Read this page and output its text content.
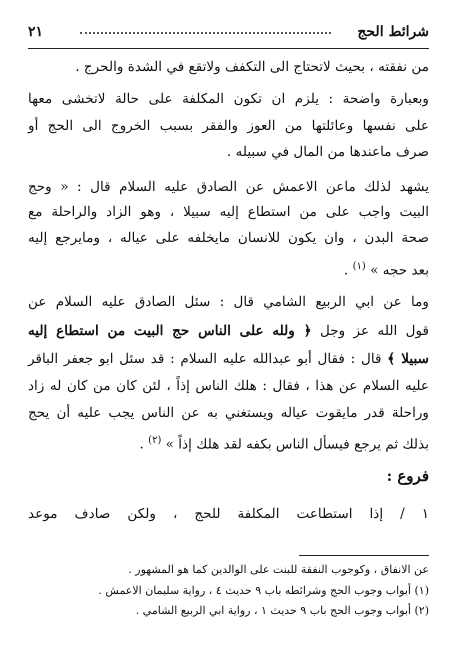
شرائط الحج
٢١
من نفقته ، بحيث لاتحتاج الى التكفف ولاتقع في الشدة والحرج .
وبعبارة واضحة : يلزم ان تكون المكلفة على حالة لاتخشى معها
على نفسها وعائلتها من العوز والفقر بسبب الخروج الى الحج أو
صرف ماعندها من المال في سبيله .
يشهد لذلك ماعن الاعمش عن الصادق عليه السلام قال : « وحج
البيت واجب على من استطاع إليه سبيلا ، وهو الزاد والراحلة مع
صحة البدن ، وان يكون للانسان مايخلفه على عياله ، ومايرجع إليه
بعد حجه » $^{(١)}$ .
وما عن ابي الربيع الشامي قال : سئل الصادق عليه السلام عن
قول الله عز وجل ﴿ ولله على الناس حج البيت من استطاع إليه
سبيلا ﴾ قال : فقال أبو عبدالله عليه السلام : قد سئل ابو جعفر الباقر
عليه السلام عن هذا ، فقال : هلك الناس إذاً ، لئن كان من كان له زاد
وراحلة قدر مايقوت عياله ويستغني به عن الناس يجب عليه أن يحج
بذلك ثم يرجع فيسأل الناس بكفه لقد هلك إذاً » $^{(٢)}$ .
فروع :
١ / إذا استطاعت المكلفة للحج ، ولكن صادف موعد
عن الانفاق ، وكوجوب النفقة للبنت على الوالدين كما هو المشهور .
(١) أبواب وجوب الحج وشرائطه باب ٩ حديث ٤ ، رواية سليمان الاعمش .
(٢) أبواب وجوب الحج باب ٩ حديث ١ ، رواية ابي الربيع الشامي .
